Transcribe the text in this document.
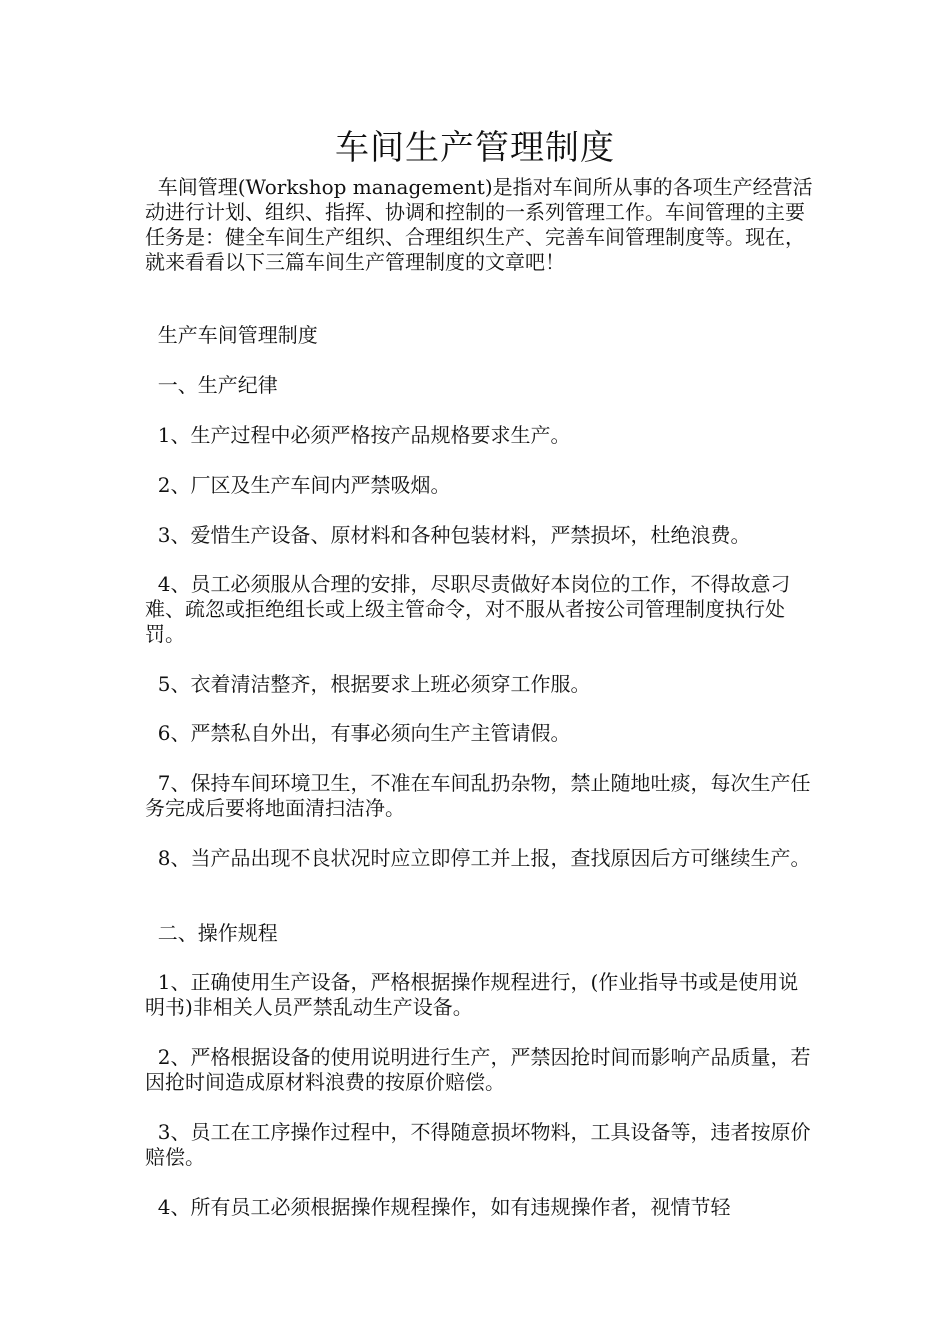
车间生产管理制度

车间管理(Workshop management)是指对车间所从事的各项生产经营活动进行计划、组织、指挥、协调和控制的一系列管理工作。车间管理的主要任务是：健全车间生产组织、合理组织生产、完善车间管理制度等。现在，就来看看以下三篇车间生产管理制度的文章吧！

生产车间管理制度

一、生产纪律

1、生产过程中必须严格按产品规格要求生产。

2、厂区及生产车间内严禁吸烟。

3、爱惜生产设备、原材料和各种包装材料，严禁损坏，杜绝浪费。

4、员工必须服从合理的安排，尽职尽责做好本岗位的工作，不得故意刁难、疏忽或拒绝组长或上级主管命令，对不服从者按公司管理制度执行处罚。

5、衣着清洁整齐，根据要求上班必须穿工作服。

6、严禁私自外出，有事必须向生产主管请假。

7、保持车间环境卫生，不准在车间乱扔杂物，禁止随地吐痰，每次生产任务完成后要将地面清扫洁净。

8、当产品出现不良状况时应立即停工并上报，查找原因后方可继续生产。

二、操作规程

1、正确使用生产设备，严格根据操作规程进行，(作业指导书或是使用说明书)非相关人员严禁乱动生产设备。

2、严格根据设备的使用说明进行生产，严禁因抢时间而影响产品质量，若因抢时间造成原材料浪费的按原价赔偿。

3、员工在工序操作过程中，不得随意损坏物料，工具设备等，违者按原价赔偿。

4、所有员工必须根据操作规程操作，如有违规操作者，视情节轻
